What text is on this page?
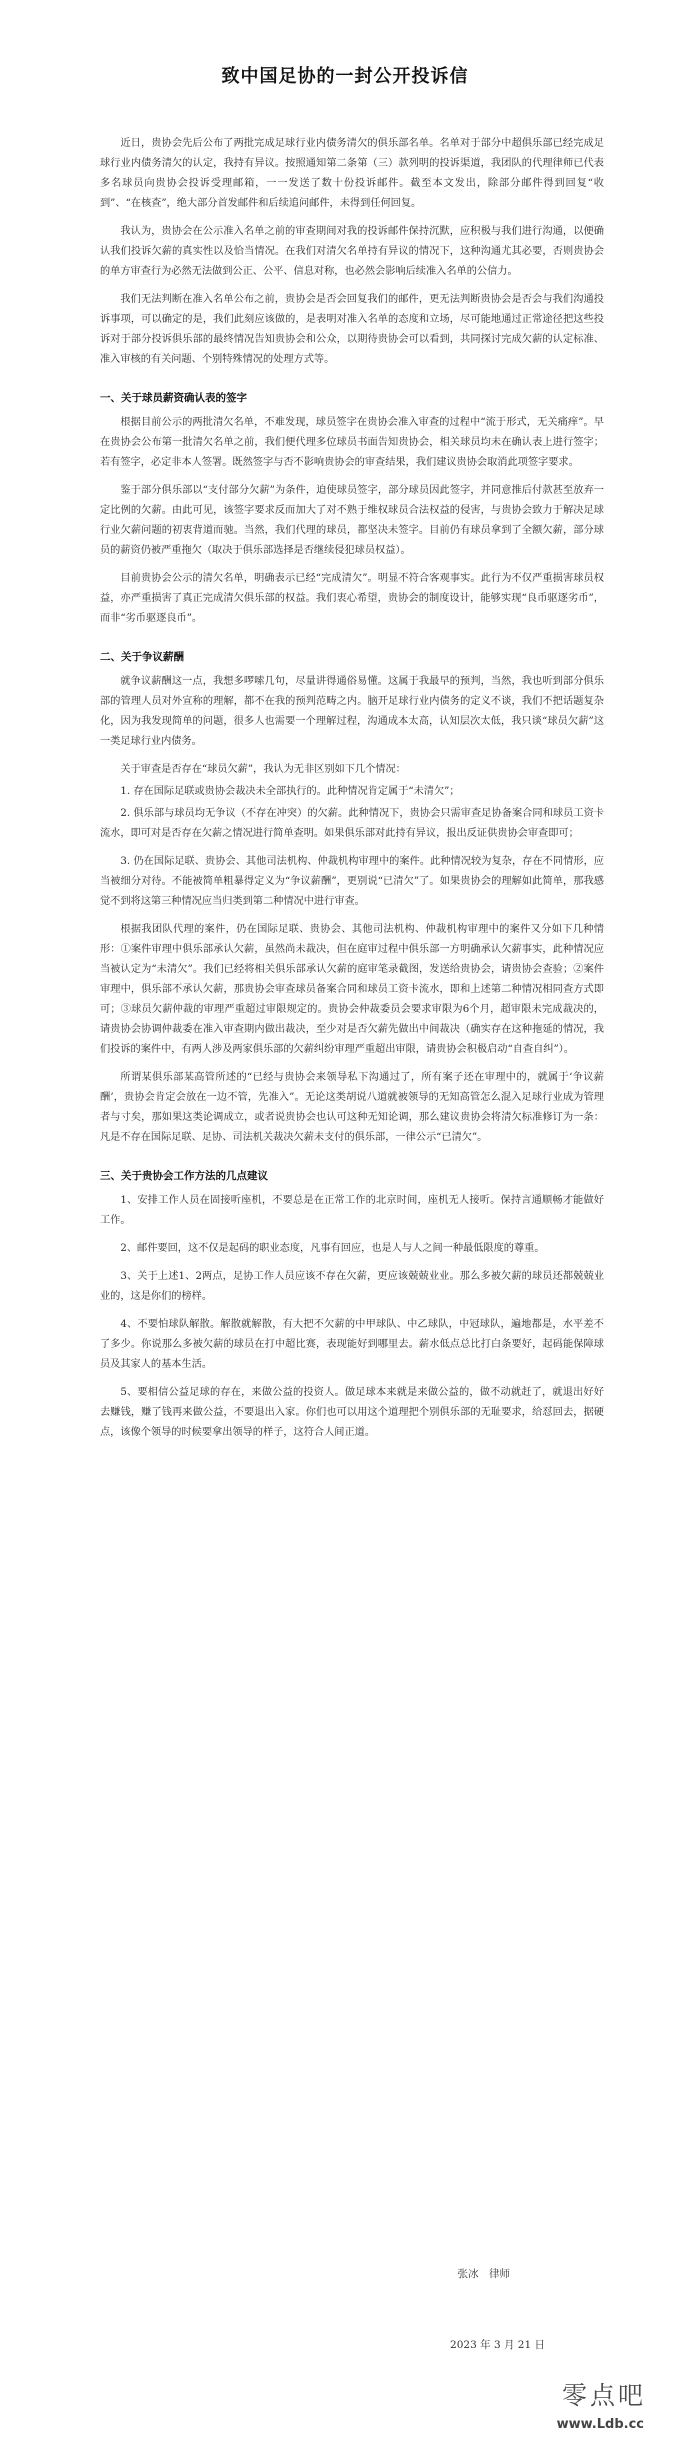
致中国足协的一封公开投诉信

近日，贵协会先后公布了两批完成足球行业内债务清欠的俱乐部名单。名单对于部分中超俱乐部已经完成足球行业内债务清欠的认定，我持有异议。按照通知第二条第（三）款列明的投诉渠道，我团队的代理律师已代表多名球员向贵协会投诉受理邮箱，一一发送了数十份投诉邮件。截至本文发出，除部分邮件得到回复“收到”、“在核查”，绝大部分首发邮件和后续追问邮件，未得到任何回复。

我认为，贵协会在公示准入名单之前的审查期间对我的投诉邮件保持沉默，应积极与我们进行沟通，以便确认我们投诉欠薪的真实性以及恰当情况。在我们对清欠名单持有异议的情况下，这种沟通尤其必要，否则贵协会的单方审查行为必然无法做到公正、公平、信息对称，也必然会影响后续准入名单的公信力。

我们无法判断在准入名单公布之前，贵协会是否会回复我们的邮件，更无法判断贵协会是否会与我们沟通投诉事项，可以确定的是，我们此刻应该做的，是表明对准入名单的态度和立场，尽可能地通过正常途径把这些投诉对于部分投诉俱乐部的最终情况告知贵协会和公众，以期待贵协会可以看到，共同探讨完成欠薪的认定标准、准入审核的有关问题、个别特殊情况的处理方式等。

一、关于球员薪资确认表的签字

根据目前公示的两批清欠名单，不难发现，球员签字在贵协会准入审查的过程中“流于形式，无关痛痒”。早在贵协会公布第一批清欠名单之前，我们便代理多位球员书面告知贵协会，相关球员均未在确认表上进行签字；若有签字，必定非本人签署。既然签字与否不影响贵协会的审查结果，我们建议贵协会取消此项签字要求。

鉴于部分俱乐部以“支付部分欠薪”为条件，迫使球员签字，部分球员因此签字，并同意推后付款甚至放弃一定比例的欠薪。由此可见，该签字要求反而加大了对不熟于维权球员合法权益的侵害，与贵协会致力于解决足球行业欠薪问题的初衷背道而驰。当然，我们代理的球员，都坚决未签字。目前仍有球员拿到了全额欠薪，部分球员的薪资仍被严重拖欠（取决于俱乐部选择是否继续侵犯球员权益）。

目前贵协会公示的清欠名单，明确表示已经“完成清欠”。明显不符合客观事实。此行为不仅严重损害球员权益，亦严重损害了真正完成清欠俱乐部的权益。我们衷心希望，贵协会的制度设计，能够实现“良币驱逐劣币”，而非“劣币驱逐良币”。

二、关于争议薪酬

就争议薪酬这一点，我想多啰嗦几句，尽量讲得通俗易懂。这属于我最早的预判，当然，我也听到部分俱乐部的管理人员对外宣称的理解，都不在我的预判范畴之内。脑开足球行业内债务的定义不谈，我们不把话题复杂化，因为我发现简单的问题，很多人也需要一个理解过程，沟通成本太高，认知层次太低，我只谈“球员欠薪”这一类足球行业内债务。

关于审查是否存在“球员欠薪”，我认为无非区别如下几个情况：

1. 存在国际足联或贵协会裁决未全部执行的。此种情况肯定属于“未清欠”；

2. 俱乐部与球员均无争议（不存在冲突）的欠薪。此种情况下，贵协会只需审查足协备案合同和球员工资卡流水，即可对是否存在欠薪之情况进行简单查明。如果俱乐部对此持有异议，报出反证供贵协会审查即可；

3. 仍在国际足联、贵协会、其他司法机构、仲裁机构审理中的案件。此种情况较为复杂，存在不同情形，应当被细分对待。不能被简单粗暴得定义为“争议薪酬”，更别说“已清欠”了。如果贵协会的理解如此简单，那我感觉不到将这第三种情况应当归类到第二种情况中进行审查。

根据我团队代理的案件，仍在国际足联、贵协会、其他司法机构、仲裁机构审理中的案件又分如下几种情形：①案件审理中俱乐部承认欠薪，虽然尚未裁决，但在庭审过程中俱乐部一方明确承认欠薪事实，此种情况应当被认定为“未清欠”。我们已经将相关俱乐部承认欠薪的庭审笔录截图，发送给贵协会，请贵协会查验；②案件审理中，俱乐部不承认欠薪，那贵协会审查球员备案合同和球员工资卡流水，即和上述第二种情况相同查方式即可；③球员欠薪仲裁的审理严重超过审限规定的。贵协会仲裁委员会要求审限为6个月，超审限未完成裁决的，请贵协会协调仲裁委在准入审查期内做出裁决，至少对是否欠薪先做出中间裁决（确实存在这种拖延的情况，我们投诉的案件中，有两人涉及两家俱乐部的欠薪纠纷审理严重超出审限，请贵协会积极启动“自查自纠”）。

所谓某俱乐部某高管所述的“已经与贵协会来领导私下沟通过了，所有案子还在审理中的，就属于‘争议薪酬’，贵协会肯定会放在一边不管，先准入”。无论这类胡说八道就被领导的无知高管怎么混入足球行业成为管理者与寸矣，那如果这类论调成立，或者说贵协会也认可这种无知论调，那么建议贵协会将清欠标准修订为一条：凡是不存在国际足联、足协、司法机关裁决欠薪未支付的俱乐部，一律公示“已清欠”。

三、关于贵协会工作方法的几点建议

1、安排工作人员在固接听座机，不要总是在正常工作的北京时间，座机无人接听。保持言通顺畅才能做好工作。

2、邮件要回，这不仅是起码的职业态度，凡事有回应，也是人与人之间一种最低限度的尊重。

3、关于上述1、2两点，足协工作人员应该不存在欠薪，更应该兢兢业业。那么多被欠薪的球员还都兢兢业业的，这是你们的榜样。

4、不要怕球队解散。解散就解散，有大把不欠薪的中甲球队、中乙球队，中冠球队，遍地都是，水平差不了多少。你说那么多被欠薪的球员在打中超比赛，表现能好到哪里去。薪水低点总比打白条要好，起码能保障球员及其家人的基本生活。

5、要相信公益足球的存在，来做公益的投资人。做足球本来就是来做公益的，做不动就赶了，就退出好好去赚钱，赚了钱再来做公益，不要退出入家。你们也可以用这个道理把个别俱乐部的无耻要求，给怼回去，据硬点，该像个领导的时候要拿出领导的样子，这符合人间正道。

张冰　律师
2023 年 3 月 21 日
零点吧
www.Ldb.cc
